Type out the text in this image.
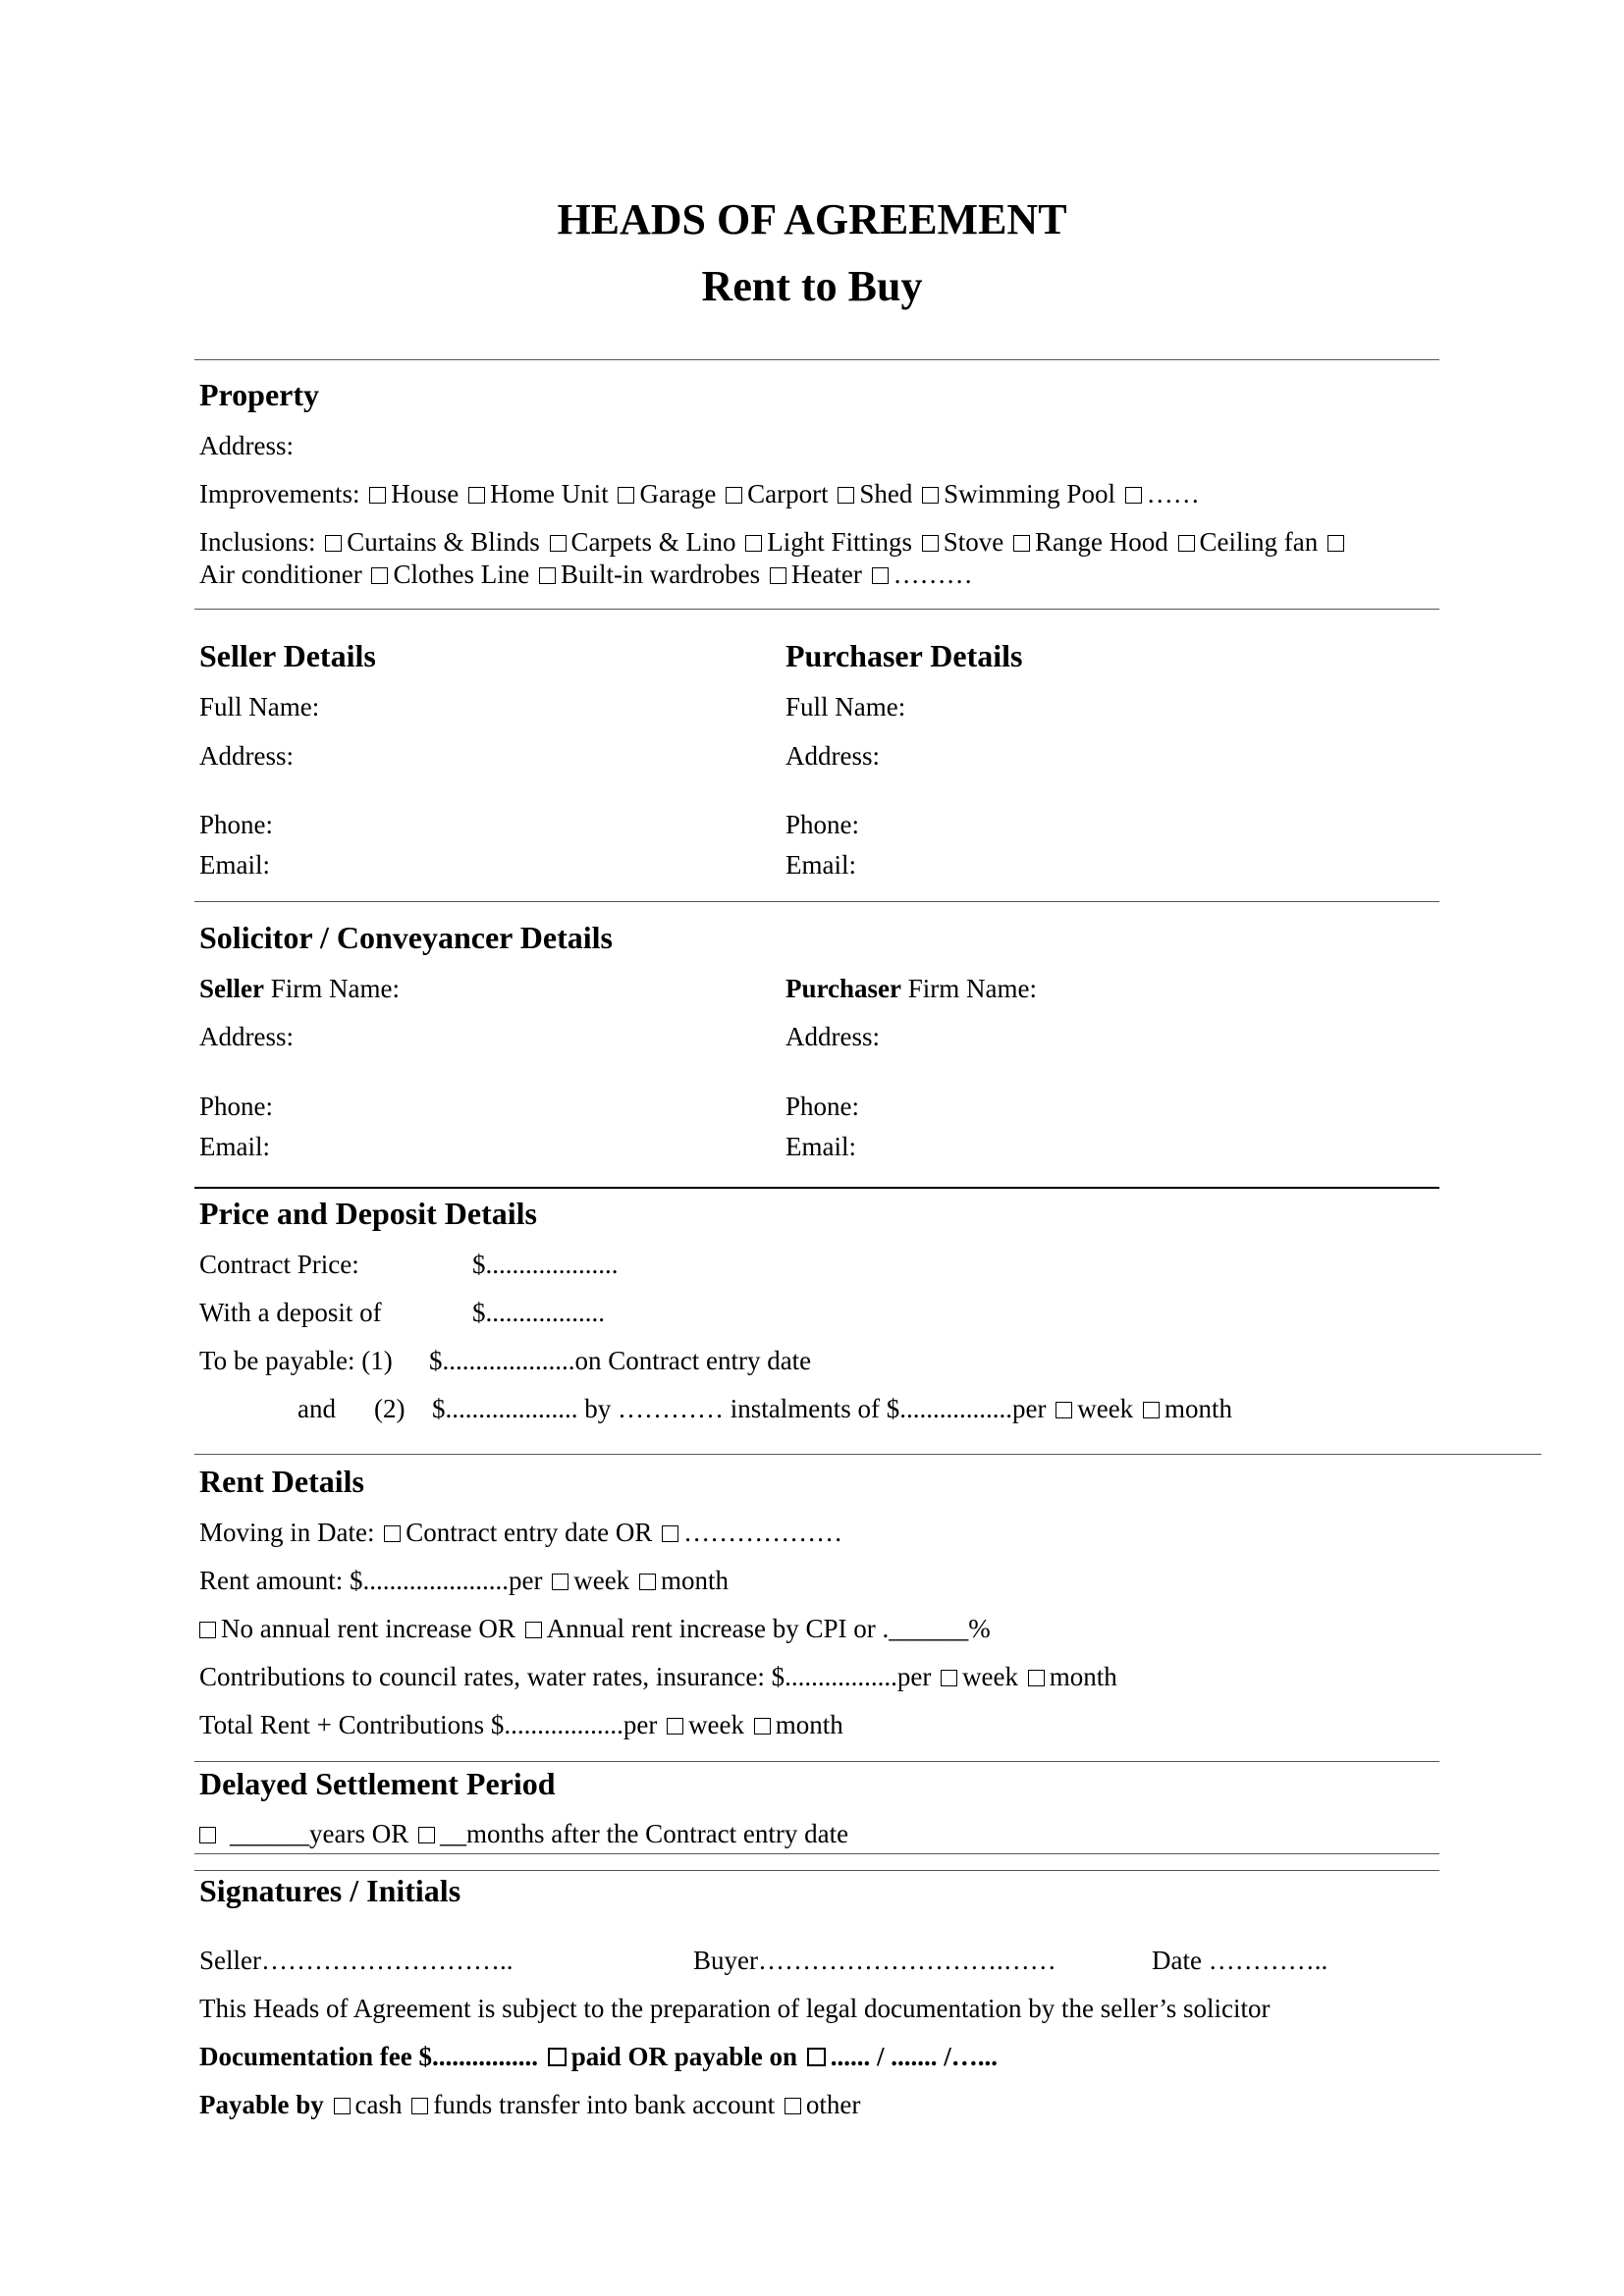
HEADS OF AGREEMENT
Rent to Buy
Property
Address:
Improvements: House Home Unit Garage Carport Shed Swimming Pool ……
Inclusions: Curtains & Blinds Carpets & Lino Light Fittings Stove Range Hood Ceiling fan
Air conditioner Clothes Line Built-in wardrobes Heater ………
Seller Details	Purchaser Details
Full Name:	Full Name:
Address:	Address:
Phone:	Phone:
Email:	Email:
Solicitor / Conveyancer Details
Seller Firm Name:	Purchaser Firm Name:
Address:	Address:
Phone:	Phone:
Email:	Email:
Price and Deposit Details
Contract Price:	$....................
With a deposit of	$..................
To be payable: (1) $....................on Contract entry date
and (2) $.................... by ………… instalments of $.................per week month
Rent Details
Moving in Date: Contract entry date OR ………………
Rent amount: $......................per week month
No annual rent increase OR Annual rent increase by CPI or .______%
Contributions to council rates, water rates, insurance: $.................per week month
Total Rent + Contributions $..................per week month
Delayed Settlement Period
______years OR __months after the Contract entry date
Signatures / Initials
Seller………………………..	Buyer……………………….……	Date …………..
This Heads of Agreement is subject to the preparation of legal documentation by the seller’s solicitor
Documentation fee $................ paid OR payable on ...... / ....... /…...
Payable by cash funds transfer into bank account other
